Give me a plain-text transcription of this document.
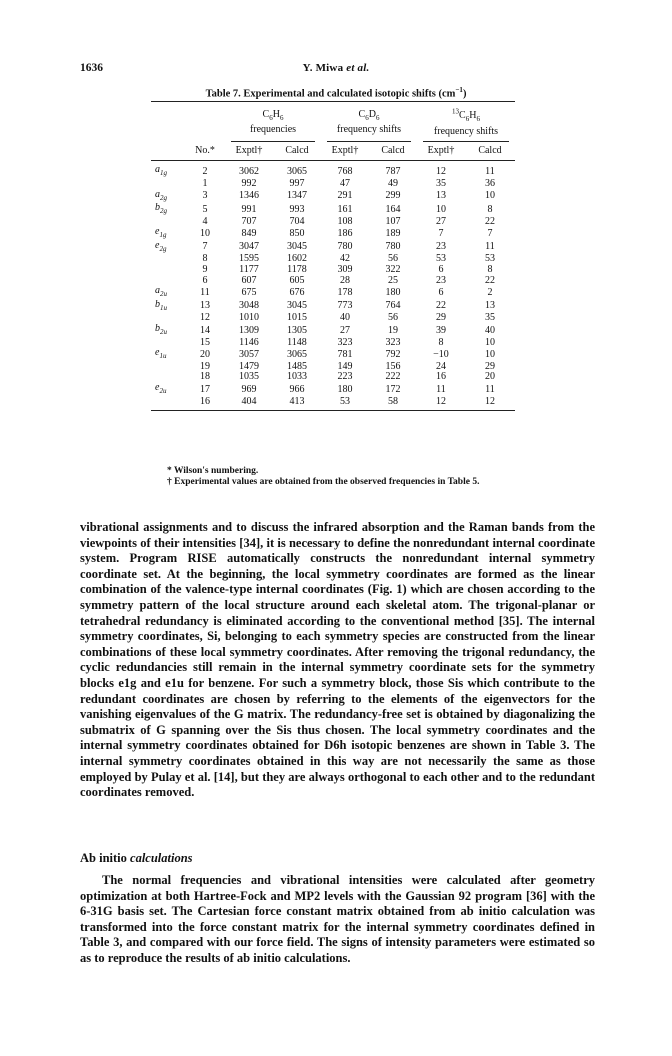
1636	Y. Miwa et al.
Table 7. Experimental and calculated isotopic shifts $(cm^{-1})$
		$C_6H_6$
frequencies		$C_6D_6$
frequency shifts		$^{13}C_6H_6$
frequency shifts	

	No.*	Exptl†	Calcd	Exptl†	Calcd	Exptl†	Calcd
$a_{1g}$	2	3062	3065	768	787	12	11
	1	992	997	47	49	35	36
$a_{2g}$	3	1346	1347	291	299	13	10
$b_{2g}$	5	991	993	161	164	10	8
	4	707	704	108	107	27	22
$e_{1g}$	10	849	850	186	189	7	7
$e_{2g}$	7	3047	3045	780	780	23	11
	8	1595	1602	42	56	53	53
	9	1177	1178	309	322	6	8
	6	607	605	28	25	23	22
$a_{2u}$	11	675	676	178	180	6	2
$b_{1u}$	13	3048	3045	773	764	22	13
	12	1010	1015	40	56	29	35
$b_{2u}$	14	1309	1305	27	19	39	40
	15	1146	1148	323	323	8	10
$e_{1u}$	20	3057	3065	781	792	−10	10
	19	1479	1485	149	156	24	29
	18	1035	1033	223	222	16	20
$e_{2u}$	17	969	966	180	172	11	11
	16	404	413	53	58	12	12
* Wilson's numbering.
† Experimental values are obtained from the observed frequencies in Table 5.

vibrational assignments and to discuss the infrared absorption and the Raman bands from the viewpoints of their intensities [34], it is necessary to define the nonredundant internal coordinate system. Program RISE automatically constructs the nonredundant internal symmetry coordinate set. At the beginning, the local symmetry coordinates are formed as the linear combination of the valence-type internal coordinates (Fig. 1) which are chosen according to the symmetry pattern of the local structure around each skeletal atom. The trigonal-planar or tetrahedral redundancy is eliminated according to the conventional method [35]. The internal symmetry coordinates, Si, belonging to each symmetry species are constructed from the linear combinations of these local symmetry coordinates. After removing the trigonal redundancy, the cyclic redundancies still remain in the internal symmetry coordinate sets for the symmetry blocks e1g and e1u for benzene. For such a symmetry block, those Sis which contribute to the redundant coordinates are chosen by referring to the elements of the eigenvectors for the vanishing eigenvalues of the G matrix. The redundancy-free set is obtained by diagonalizing the submatrix of G spanning over the Sis thus chosen. The local symmetry coordinates and the internal symmetry coordinates obtained for D6h isotopic benzenes are shown in Table 3. The internal symmetry coordinates obtained in this way are not necessarily the same as those employed by Pulay et al. [14], but they are always orthogonal to each other and to the redundant coordinates removed.

Ab initio calculations
The normal frequencies and vibrational intensities were calculated after geometry optimization at both Hartree-Fock and MP2 levels with the Gaussian 92 program [36] with the 6-31G basis set. The Cartesian force constant matrix obtained from ab initio calculation was transformed into the force constant matrix for the internal symmetry coordinates defined in Table 3, and compared with our force field. The signs of intensity parameters were estimated so as to reproduce the results of ab initio calculations.
